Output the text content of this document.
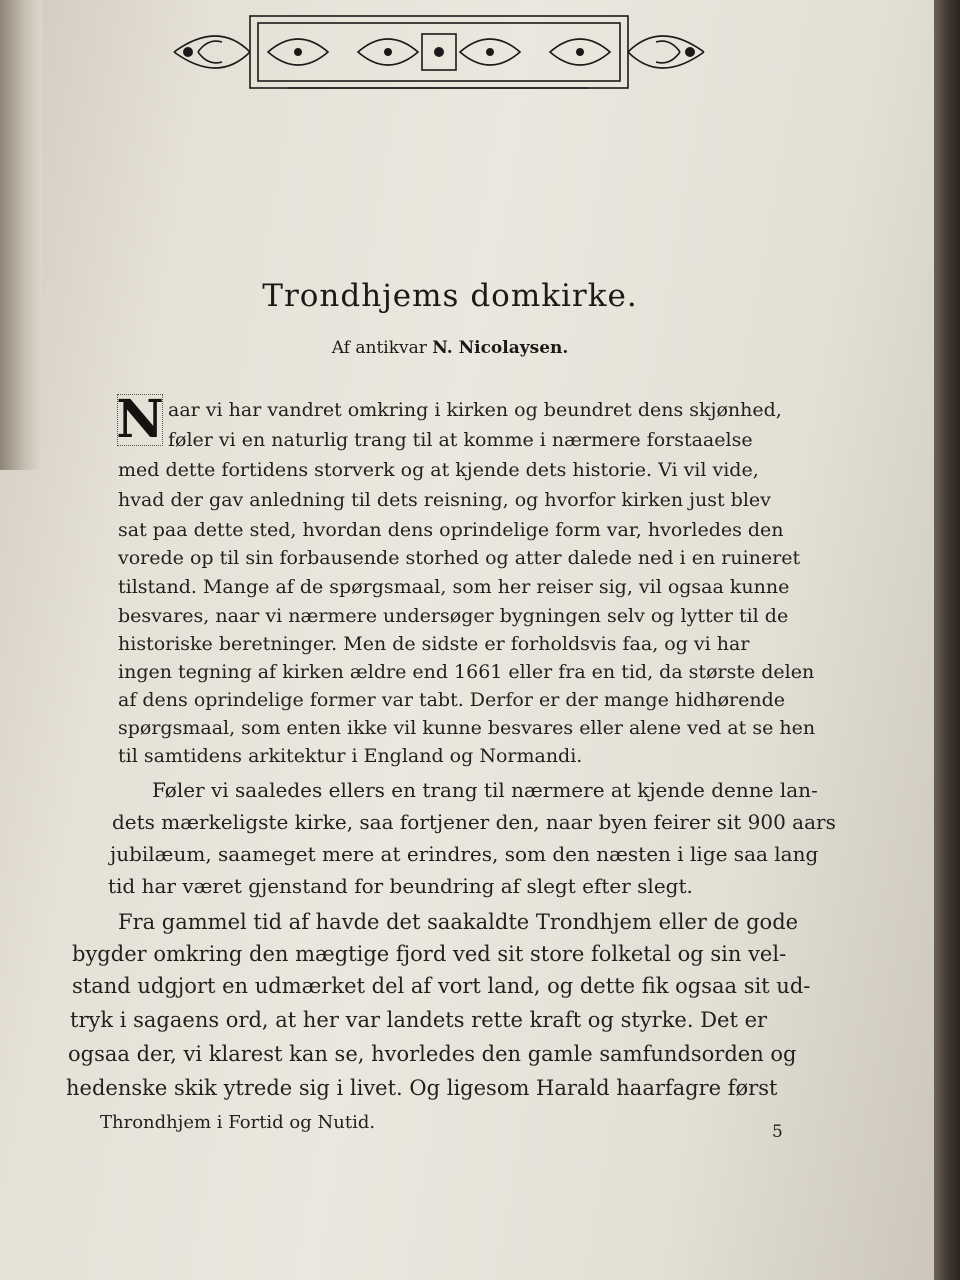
Trondhjems domkirke.
Af antikvar N. Nicolaysen.
N aar vi har vandret omkring i kirken og beundret dens skjønhed,
føler vi en naturlig trang til at komme i nærmere forstaaelse
med dette fortidens storverk og at kjende dets historie. Vi vil vide,
hvad der gav anledning til dets reisning, og hvorfor kirken just blev
sat paa dette sted, hvordan dens oprindelige form var, hvorledes den
vorede op til sin forbausende storhed og atter dalede ned i en ruineret
tilstand. Mange af de spørgsmaal, som her reiser sig, vil ogsaa kunne
besvares, naar vi nærmere undersøger bygningen selv og lytter til de
historiske beretninger. Men de sidste er forholdsvis faa, og vi har
ingen tegning af kirken ældre end 1661 eller fra en tid, da største delen
af dens oprindelige former var tabt. Derfor er der mange hidhørende
spørgsmaal, som enten ikke vil kunne besvares eller alene ved at se hen
til samtidens arkitektur i England og Normandi.
Føler vi saaledes ellers en trang til nærmere at kjende denne lan-
dets mærkeligste kirke, saa fortjener den, naar byen feirer sit 900 aars
jubilæum, saameget mere at erindres, som den næsten i lige saa lang
tid har været gjenstand for beundring af slegt efter slegt.
Fra gammel tid af havde det saakaldte Trondhjem eller de gode
bygder omkring den mægtige fjord ved sit store folketal og sin vel-
stand udgjort en udmærket del af vort land, og dette fik ogsaa sit ud-
tryk i sagaens ord, at her var landets rette kraft og styrke. Det er
ogsaa der, vi klarest kan se, hvorledes den gamle samfundsorden og
hedenske skik ytrede sig i livet. Og ligesom Harald haarfagre først
Throndhjem i Fortid og Nutid.	5
